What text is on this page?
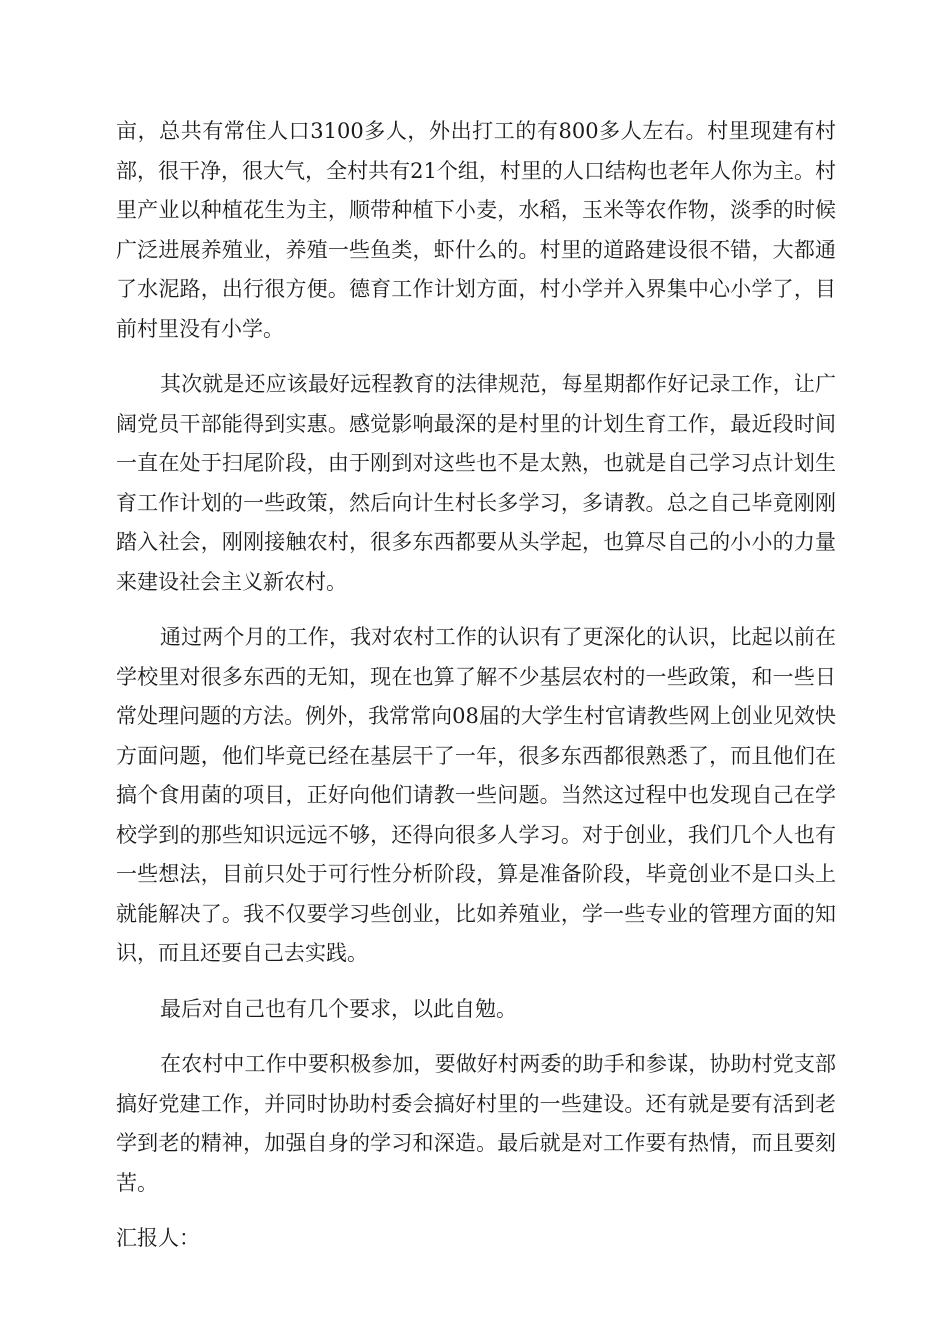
亩，总共有常住人口3100多人，外出打工的有800多人左右。村里现建有村部，很干净，很大气，全村共有21个组，村里的人口结构也老年人你为主。村里产业以种植花生为主，顺带种植下小麦，水稻，玉米等农作物，淡季的时候广泛进展养殖业，养殖一些鱼类，虾什么的。村里的道路建设很不错，大都通了水泥路，出行很方便。德育工作计划方面，村小学并入界集中心小学了，目前村里没有小学。

其次就是还应该最好远程教育的法律规范，每星期都作好记录工作，让广阔党员干部能得到实惠。感觉影响最深的是村里的计划生育工作，最近段时间一直在处于扫尾阶段，由于刚到对这些也不是太熟，也就是自己学习点计划生育工作计划的一些政策，然后向计生村长多学习，多请教。总之自己毕竟刚刚踏入社会，刚刚接触农村，很多东西都要从头学起，也算尽自己的小小的力量来建设社会主义新农村。

通过两个月的工作，我对农村工作的认识有了更深化的认识，比起以前在学校里对很多东西的无知，现在也算了解不少基层农村的一些政策，和一些日常处理问题的方法。例外，我常常向08届的大学生村官请教些网上创业见效快方面问题，他们毕竟已经在基层干了一年，很多东西都很熟悉了，而且他们在搞个食用菌的项目，正好向他们请教一些问题。当然这过程中也发现自己在学校学到的那些知识远远不够，还得向很多人学习。对于创业，我们几个人也有一些想法，目前只处于可行性分析阶段，算是准备阶段，毕竟创业不是口头上就能解决了。我不仅要学习些创业，比如养殖业，学一些专业的管理方面的知识，而且还要自己去实践。

最后对自己也有几个要求，以此自勉。

在农村中工作中要积极参加，要做好村两委的助手和参谋，协助村党支部搞好党建工作，并同时协助村委会搞好村里的一些建设。还有就是要有活到老学到老的精神，加强自身的学习和深造。最后就是对工作要有热情，而且要刻苦。

汇报人：
